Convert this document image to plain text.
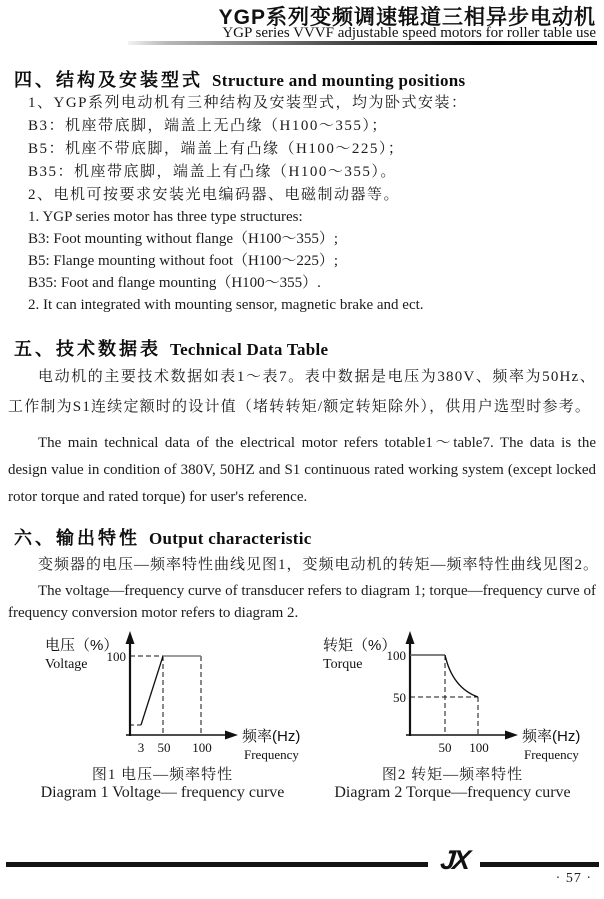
YGP系列变频调速辊道三相异步电动机
YGP series VVVF adjustable speed motors for roller table use
四、结构及安装型式 Structure and mounting positions
1、YGP系列电动机有三种结构及安装型式，均为卧式安装：
B3：机座带底脚，端盖上无凸缘（H100～355）；
B5：机座不带底脚，端盖上有凸缘（H100～225）；
B35：机座带底脚，端盖上有凸缘（H100～355）。
2、电机可按要求安装光电编码器、电磁制动器等。
1. YGP series motor has three type structures:
B3: Foot mounting without flange（H100～355）;
B5: Flange mounting without foot（H100～225）;
B35: Foot and flange mounting（H100～355）.
2. It can integrated with mounting sensor, magnetic brake and ect.
五、技术数据表 Technical Data Table
电动机的主要技术数据如表1～表7。表中数据是电压为380V、频率为50Hz、工作制为S1连续定额时的设计值（堵转转矩/额定转矩除外），供用户选型时参考。
The main technical data of the electrical motor refers totable1～table7. The data is the design value in condition of 380V, 50HZ and S1 continuous rated working system (except locked rotor torque and rated torque) for user's reference.
六、输出特性 Output characteristic
变频器的电压—频率特性曲线见图1，变频电动机的转矩—频率特性曲线见图2。
The voltage—frequency curve of transducer refers to diagram 1; torque—frequency curve of frequency conversion motor refers to diagram 2.
电压（%）
Voltage
100
3 50 100
频率(Hz)
Frequency
图1 电压—频率特性
Diagram 1 Voltage— frequency curve
转矩（%）
Torque
100
50
50 100
频率(Hz)
Frequency
图2 转矩—频率特性
Diagram 2 Torque—frequency curve
JX
· 57 ·
